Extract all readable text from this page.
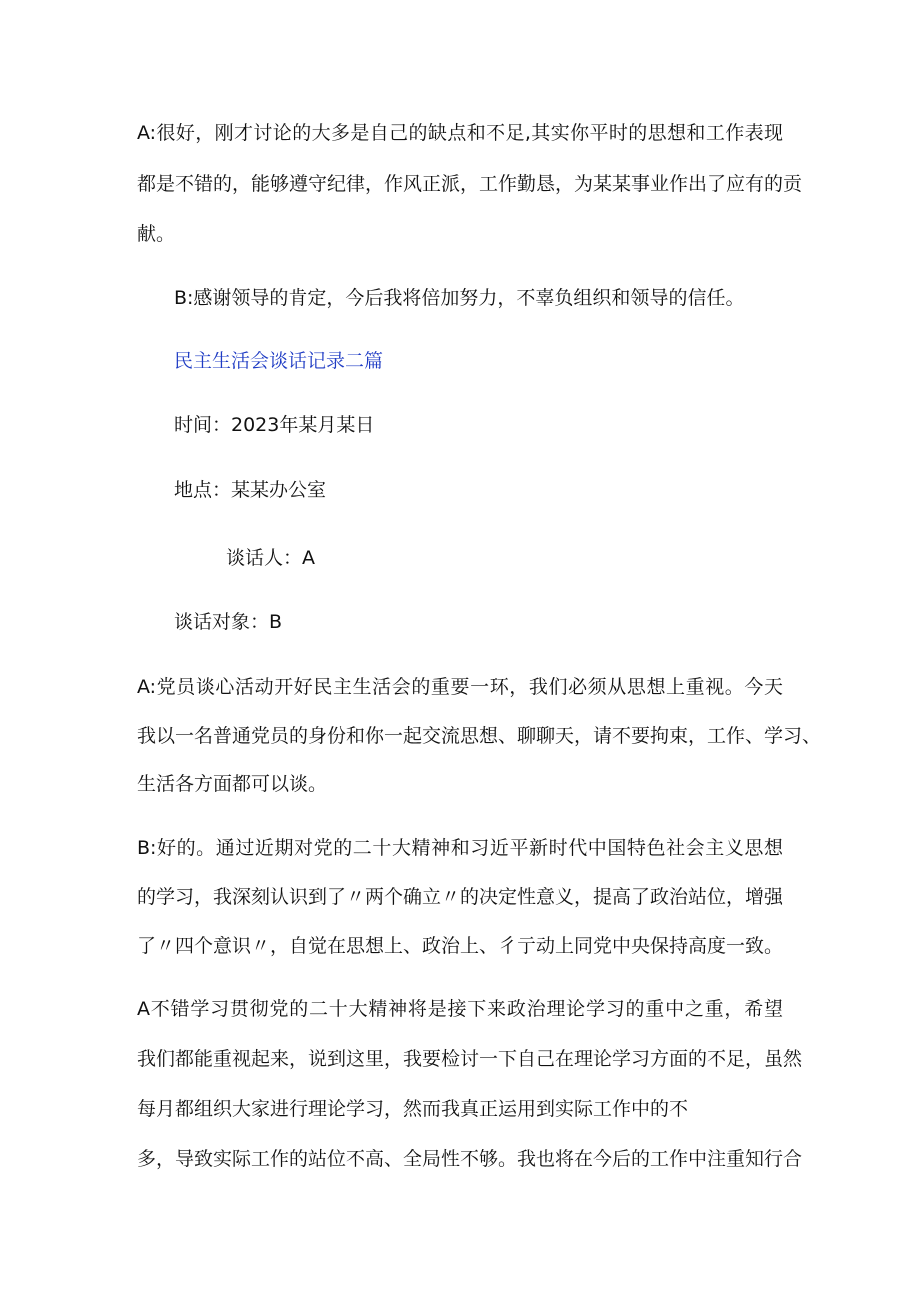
A:很好，刚才讨论的大多是自己的缺点和不足,其实你平时的思想和工作表现

都是不错的，能够遵守纪律，作风正派，工作勤恳，为某某事业作出了应有的贡

献。

B:感谢领导的肯定，今后我将倍加努力，不辜负组织和领导的信任。

民主生活会谈话记录二篇

时间：2023年某月某日

地点：某某办公室

谈话人：A

谈话对象：B

A:党员谈心活动开好民主生活会的重要一环，我们必须从思想上重视。今天

我以一名普通党员的身份和你一起交流思想、聊聊天，请不要拘束，工作、学习、

生活各方面都可以谈。

B:好的。通过近期对党的二十大精神和习近平新时代中国特色社会主义思想

的学习，我深刻认识到了〃两个确立〃的决定性意义，提高了政治站位，增强

了〃四个意识〃，自觉在思想上、政治上、彳亍动上同党中央保持高度一致。

A不错学习贯彻党的二十大精神将是接下来政治理论学习的重中之重，希望

我们都能重视起来，说到这里，我要检讨一下自己在理论学习方面的不足，虽然

每月都组织大家进行理论学习，然而我真正运用到实际工作中的不

多，导致实际工作的站位不高、全局性不够。我也将在今后的工作中注重知行合
